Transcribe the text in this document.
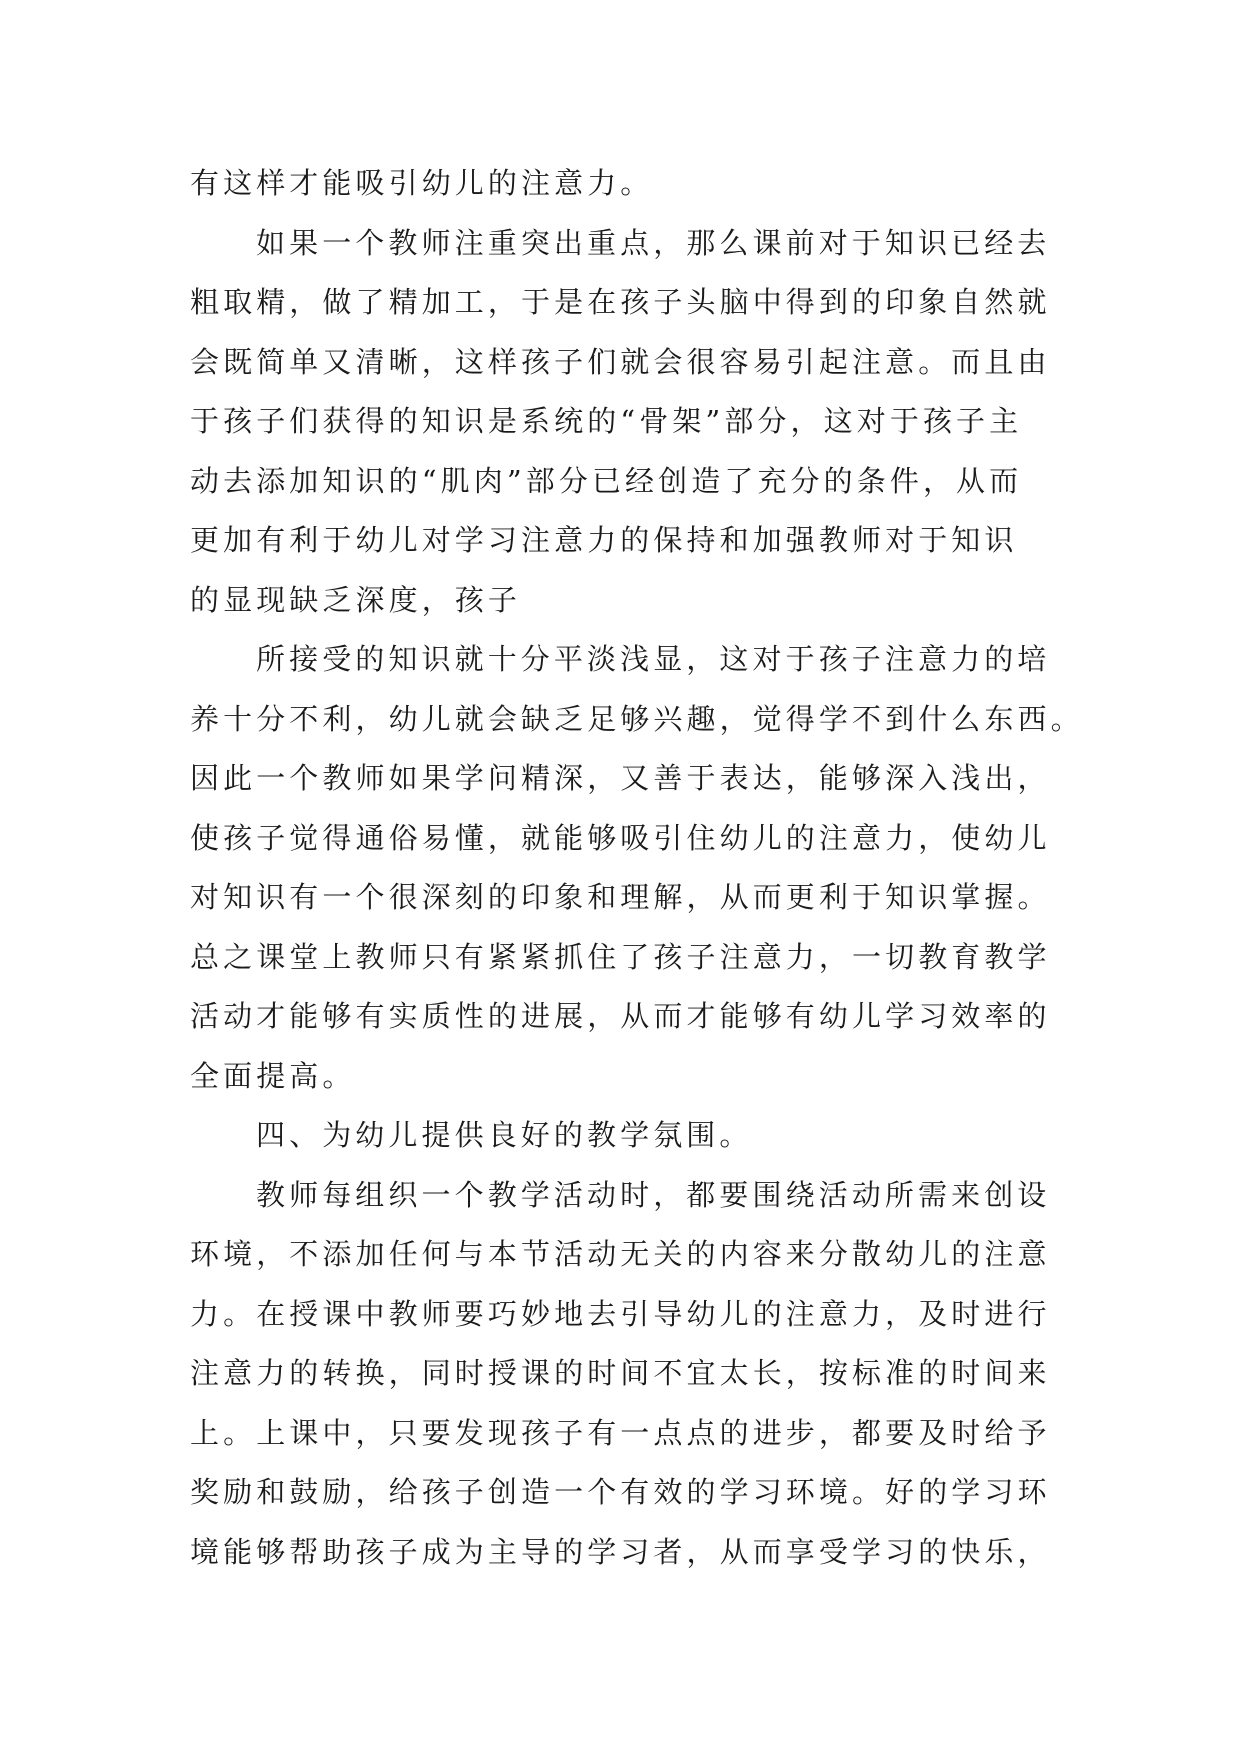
有这样才能吸引幼儿的注意力。
如果一个教师注重突出重点，那么课前对于知识已经去
粗取精，做了精加工，于是在孩子头脑中得到的印象自然就
会既简单又清晰，这样孩子们就会很容易引起注意。而且由
于孩子们获得的知识是系统的“骨架”部分，这对于孩子主
动去添加知识的“肌肉”部分已经创造了充分的条件，从而
更加有利于幼儿对学习注意力的保持和加强教师对于知识
的显现缺乏深度，孩子
所接受的知识就十分平淡浅显，这对于孩子注意力的培
养十分不利，幼儿就会缺乏足够兴趣，觉得学不到什么东西。
因此一个教师如果学问精深，又善于表达，能够深入浅出，
使孩子觉得通俗易懂，就能够吸引住幼儿的注意力，使幼儿
对知识有一个很深刻的印象和理解，从而更利于知识掌握。
总之课堂上教师只有紧紧抓住了孩子注意力，一切教育教学
活动才能够有实质性的进展，从而才能够有幼儿学习效率的
全面提高。
四、为幼儿提供良好的教学氛围。
教师每组织一个教学活动时，都要围绕活动所需来创设
环境，不添加任何与本节活动无关的内容来分散幼儿的注意
力。在授课中教师要巧妙地去引导幼儿的注意力，及时进行
注意力的转换，同时授课的时间不宜太长，按标准的时间来
上。上课中，只要发现孩子有一点点的进步，都要及时给予
奖励和鼓励，给孩子创造一个有效的学习环境。好的学习环
境能够帮助孩子成为主导的学习者，从而享受学习的快乐，
